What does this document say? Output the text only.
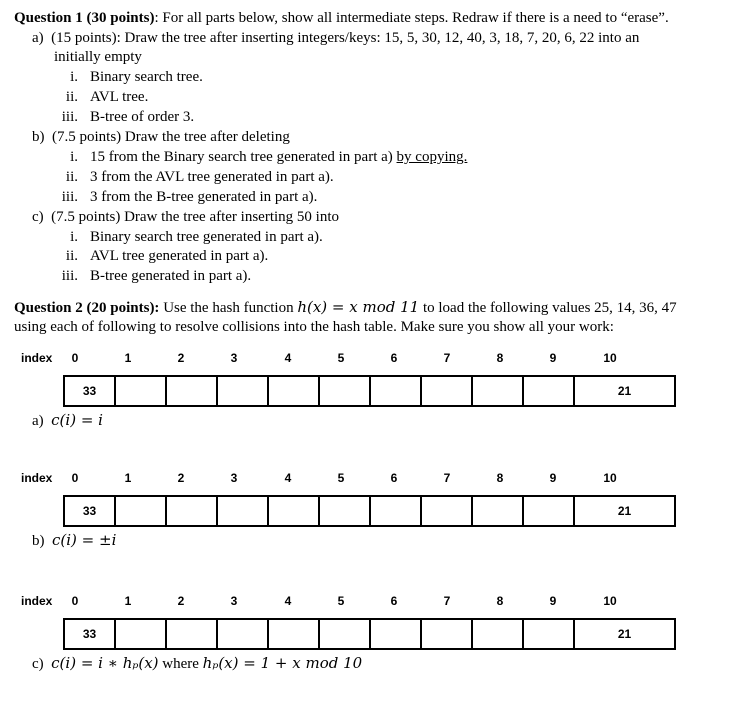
Question 1 (30 points): For all parts below, show all intermediate steps. Redraw if there is a need to “erase”.
a) (15 points): Draw the tree after inserting integers/keys: 15, 5, 30, 12, 40, 3, 18, 7, 20, 6, 22 into an
initially empty
i. Binary search tree.
ii. AVL tree.
iii. B-tree of order 3.
b) (7.5 points) Draw the tree after deleting
i. 15 from the Binary search tree generated in part a) by copying.
ii. 3 from the AVL tree generated in part a).
iii. 3 from the B-tree generated in part a).
c) (7.5 points) Draw the tree after inserting 50 into
i. Binary search tree generated in part a).
ii. AVL tree generated in part a).
iii. B-tree generated in part a).
Question 2 (20 points): Use the hash function h(x) = x mod 11 to load the following values 25, 14, 36, 47
using each of following to resolve collisions into the hash table. Make sure you show all your work:
index	0	1	2	3	4	5	6	7	8	9	10
33										21
a) c(i) = i
index	0	1	2	3	4	5	6	7	8	9	10
33										21
b) c(i) = ±i
index	0	1	2	3	4	5	6	7	8	9	10
33										21
c) c(i) = i ∗ hₚ(x) where hₚ(x) = 1 + x mod 10
